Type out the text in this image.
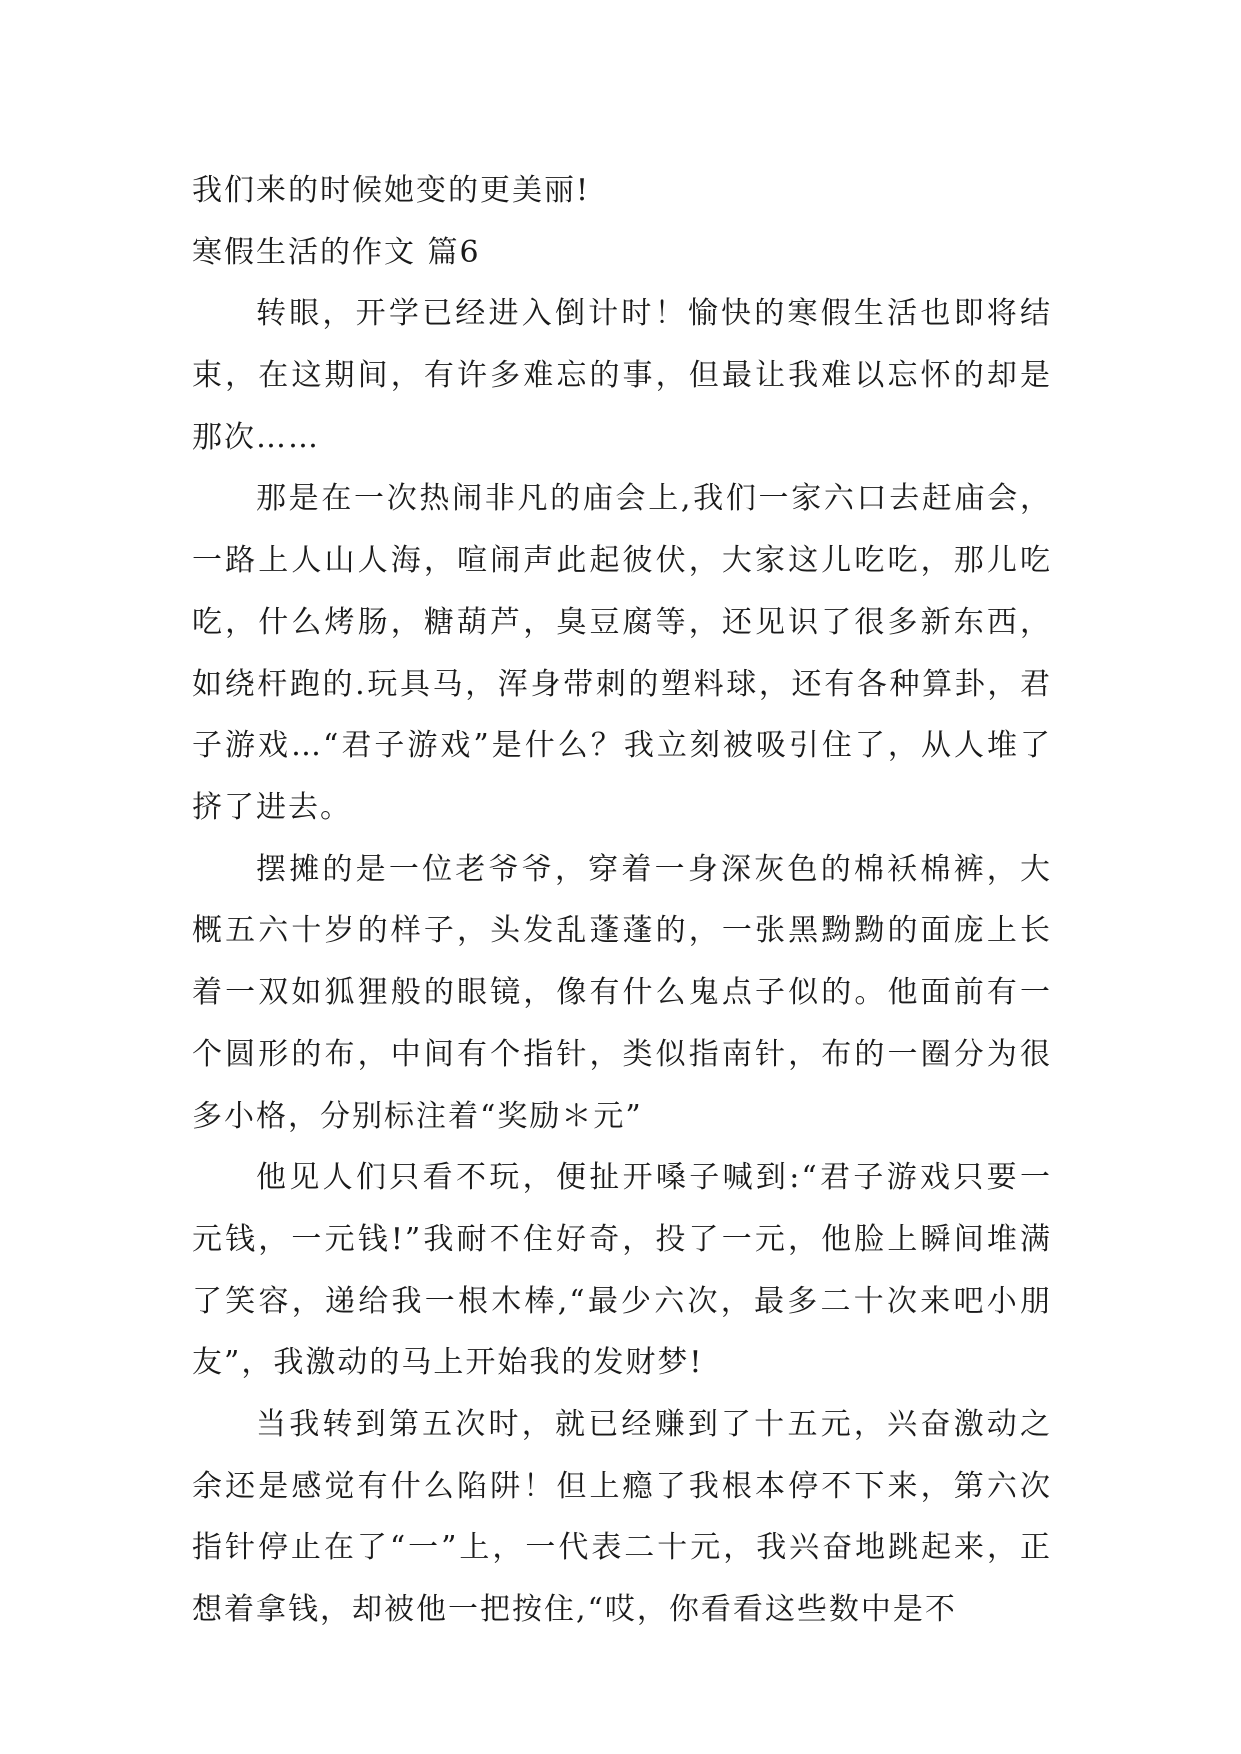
我们来的时候她变的更美丽!
寒假生活的作文 篇6

转眼，开学已经进入倒计时！愉快的寒假生活也即将结束，在这期间，有许多难忘的事，但最让我难以忘怀的却是那次……

那是在一次热闹非凡的庙会上,我们一家六口去赶庙会，一路上人山人海，喧闹声此起彼伏，大家这儿吃吃，那儿吃吃，什么烤肠，糖葫芦，臭豆腐等，还见识了很多新东西，如绕杆跑的.玩具马，浑身带刺的塑料球，还有各种算卦，君子游戏…“君子游戏”是什么？我立刻被吸引住了，从人堆了挤了进去。

摆摊的是一位老爷爷，穿着一身深灰色的棉袄棉裤，大概五六十岁的样子，头发乱蓬蓬的，一张黑黝黝的面庞上长着一双如狐狸般的眼镜，像有什么鬼点子似的。他面前有一个圆形的布，中间有个指针，类似指南针，布的一圈分为很多小格，分别标注着“奖励＊元”

他见人们只看不玩，便扯开嗓子喊到:“君子游戏只要一元钱，一元钱!”我耐不住好奇，投了一元，他脸上瞬间堆满了笑容，递给我一根木棒,“最少六次，最多二十次来吧小朋友”，我激动的马上开始我的发财梦!

当我转到第五次时，就已经赚到了十五元，兴奋激动之余还是感觉有什么陷阱！但上瘾了我根本停不下来，第六次指针停止在了“一”上，一代表二十元，我兴奋地跳起来，正想着拿钱，却被他一把按住,“哎，你看看这些数中是不
